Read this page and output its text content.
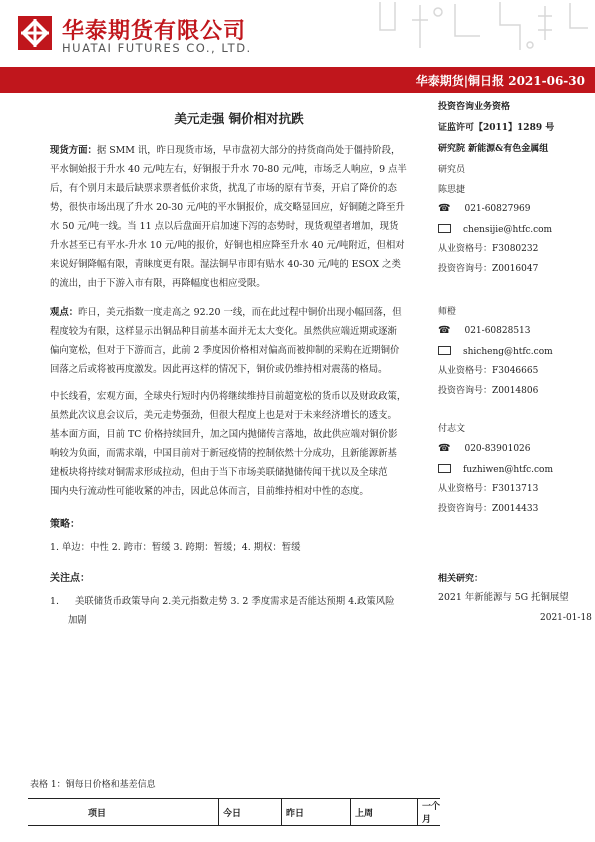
华泰期货有限公司
HUATAI FUTURES CO., LTD.
华泰期货|铜日报 2021-06-30
美元走强 铜价相对抗跌

现货方面：据 SMM 讯，昨日现货市场，早市盘初大部分的持货商尚处于僵持阶段，

平水铜始报于升水 40 元/吨左右，好铜报于升水 70-80 元/吨，市场乏人响应，9 点半

后，有个别月末最后缺票求票者低价求货，扰乱了市场的原有节奏，开启了降价的态

势，很快市场出现了升水 20-30 元/吨的平水铜报价，成交略显回应，好铜随之降至升

水 50 元/吨一线。当 11 点以后盘面开启加速下泻的态势时，现货观望者增加，现货

升水甚至已有平水-升水 10 元/吨的报价，好铜也相应降至升水 40 元/吨附近，但相对

来说好铜降幅有限，青睐度更有限。湿法铜早市即有贴水 40-30 元/吨的 ESOX 之类

的流出，由于下游入市有限，再降幅度也相应受限。

观点：昨日，美元指数一度走高之 92.20 一线，而在此过程中铜价出现小幅回落，但

程度较为有限，这样显示出铜品种目前基本面并无太大变化。虽然供应端近期或逐渐

偏向宽松，但对于下游而言，此前 2 季度因价格相对偏高而被抑制的采购在近期铜价

回落之后或将被再度激发。因此再这样的情况下，铜价或仍维持相对震荡的格局。

中长线看，宏观方面，全球央行短时内仍将继续维持目前超宽松的货币以及财政政策，

虽然此次议息会议后，美元走势强劲，但很大程度上也是对于未来经济增长的透支。

基本面方面，目前 TC 价格持续回升，加之国内抛储传言落地，故此供应端对铜价影

响较为负面，而需求端，中国目前对于新冠疫情的控制依然十分成功，且新能源新基

建板块将持续对铜需求形成拉动，但由于当下市场美联储抛储传闻干扰以及全球范

围内央行流动性可能收紧的冲击，因此总体而言，目前维持相对中性的态度。

策略：
1. 单边：中性 2. 跨市：暂缓 3. 跨期：暂缓；4. 期权：暂缓
关注点：

1. 美联储货币政策导向 2.美元指数走势 3. 2 季度需求是否能达预期 4.政策风险

加剧

投资咨询业务资格
证监许可【2011】1289 号
研究院 新能源&有色金属组
研究员
陈思捷
☎ 021-60827969
chensijie@htfc.com
从业资格号：F3080232
投资咨询号：Z0016047
师橙
☎ 021-60828513
shicheng@htfc.com
从业资格号：F3046665
投资咨询号：Z0014806
付志文
☎ 020-83901026
fuzhiwen@htfc.com
从业资格号：F3013713
投资咨询号：Z0014433
相关研究：
2021 年新能源与 5G 托铜展望
2021-01-18
表格 1：铜每日价格和基差信息
项目	今日	昨日	上周	一个月
